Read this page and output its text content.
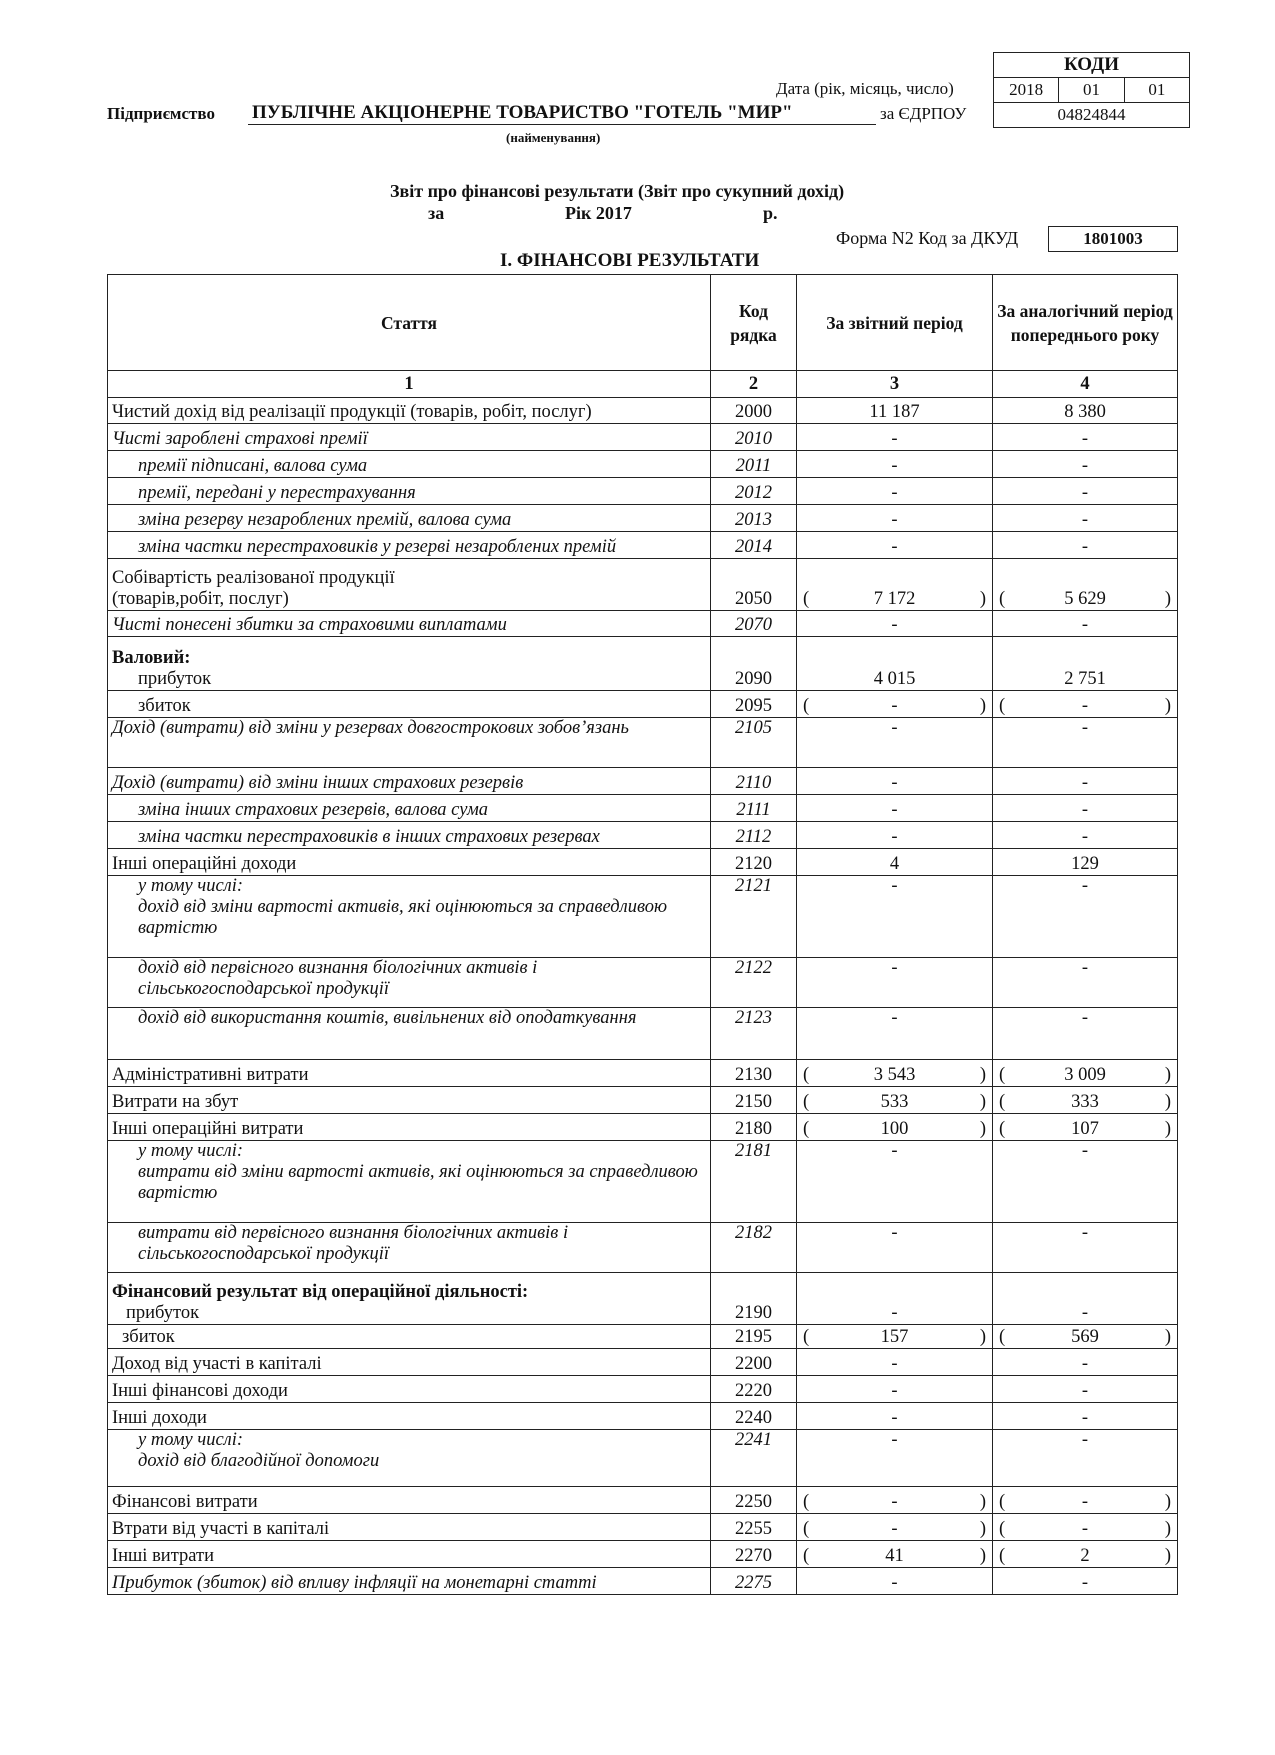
КОДИ
2018	01	01
04824844
Дата (рік, місяць, число)
за ЄДРПОУ
Підприємство ПУБЛІЧНЕ АКЦІОНЕРНЕ ТОВАРИСТВО "ГОТЕЛЬ "МИР"
(найменування)
Звіт про фінансові результати (Звіт про сукупний дохід)
за	Рік 2017	р.
Форма N2 Код за ДКУД	1801003
І. ФІНАНСОВІ РЕЗУЛЬТАТИ
Стаття	Код рядка	За звітний період	За аналогічний період попереднього року
1	2	3	4
Чистий дохід від реалізації продукції (товарів, робіт, послуг)	2000	11 187	8 380
Чисті зароблені страхові премії	2010	-	-
премії підписані, валова сума	2011	-	-
премії, передані у перестрахування	2012	-	-
зміна резерву незароблених премій, валова сума	2013	-	-
зміна частки перестраховиків у резерві незароблених премій	2014	-	-

Собівартість реалізованої продукції
(товарів,робіт, послуг)	2050	( 7 172 )	( 5 629 )

Чисті понесені збитки за страховими виплатами	2070	-	-

Валовий:
прибуток	2090	4 015	2 751
збиток	2095	( - )	( - )

Дохід (витрати) від зміни у резервах довгострокових зобов’язань	2105	-	-
Дохід (витрати) від зміни інших страхових резервів	2110	-	-
зміна інших страхових резервів, валова сума	2111	-	-
зміна частки перестраховиків в інших страхових резервах	2112	-	-
Інші операційні доходи	2120	4	129

у тому числі:
дохід від зміни вартості активів, які оцінюються за справедливою вартістю	2121	-	-
дохід від первісного визнання біологічних активів і сільськогосподарської продукції	2122	-	-
дохід від використання коштів, вивільнених від оподаткування	2123	-	-
Адміністративні витрати	2130	( 3 543 )	( 3 009 )

Витрати на збут	2150	( 533 )	( 333 )

Інші операційні витрати	2180	( 100 )	( 107 )

у тому числі:
витрати від зміни вартості активів, які оцінюються за справедливою вартістю	2181	-	-
витрати від первісного визнання біологічних активів і сільськогосподарської продукції	2182	-	-

Фінансовий результат від операційної діяльності:
прибуток	2190	-	-
збиток	2195	( 157 )	( 569 )

Доход від участі в капіталі	2200	-	-
Інші фінансові доходи	2220	-	-
Інші доходи	2240	-	-

у тому числі:
дохід від благодійної допомоги	2241	-	-
Фінансові витрати	2250	( - )	( - )

Втрати від участі в капіталі	2255	( - )	( - )

Інші витрати	2270	( 41 )	( 2 )

Прибуток (збиток) від впливу інфляції на монетарні статті	2275	-	-
